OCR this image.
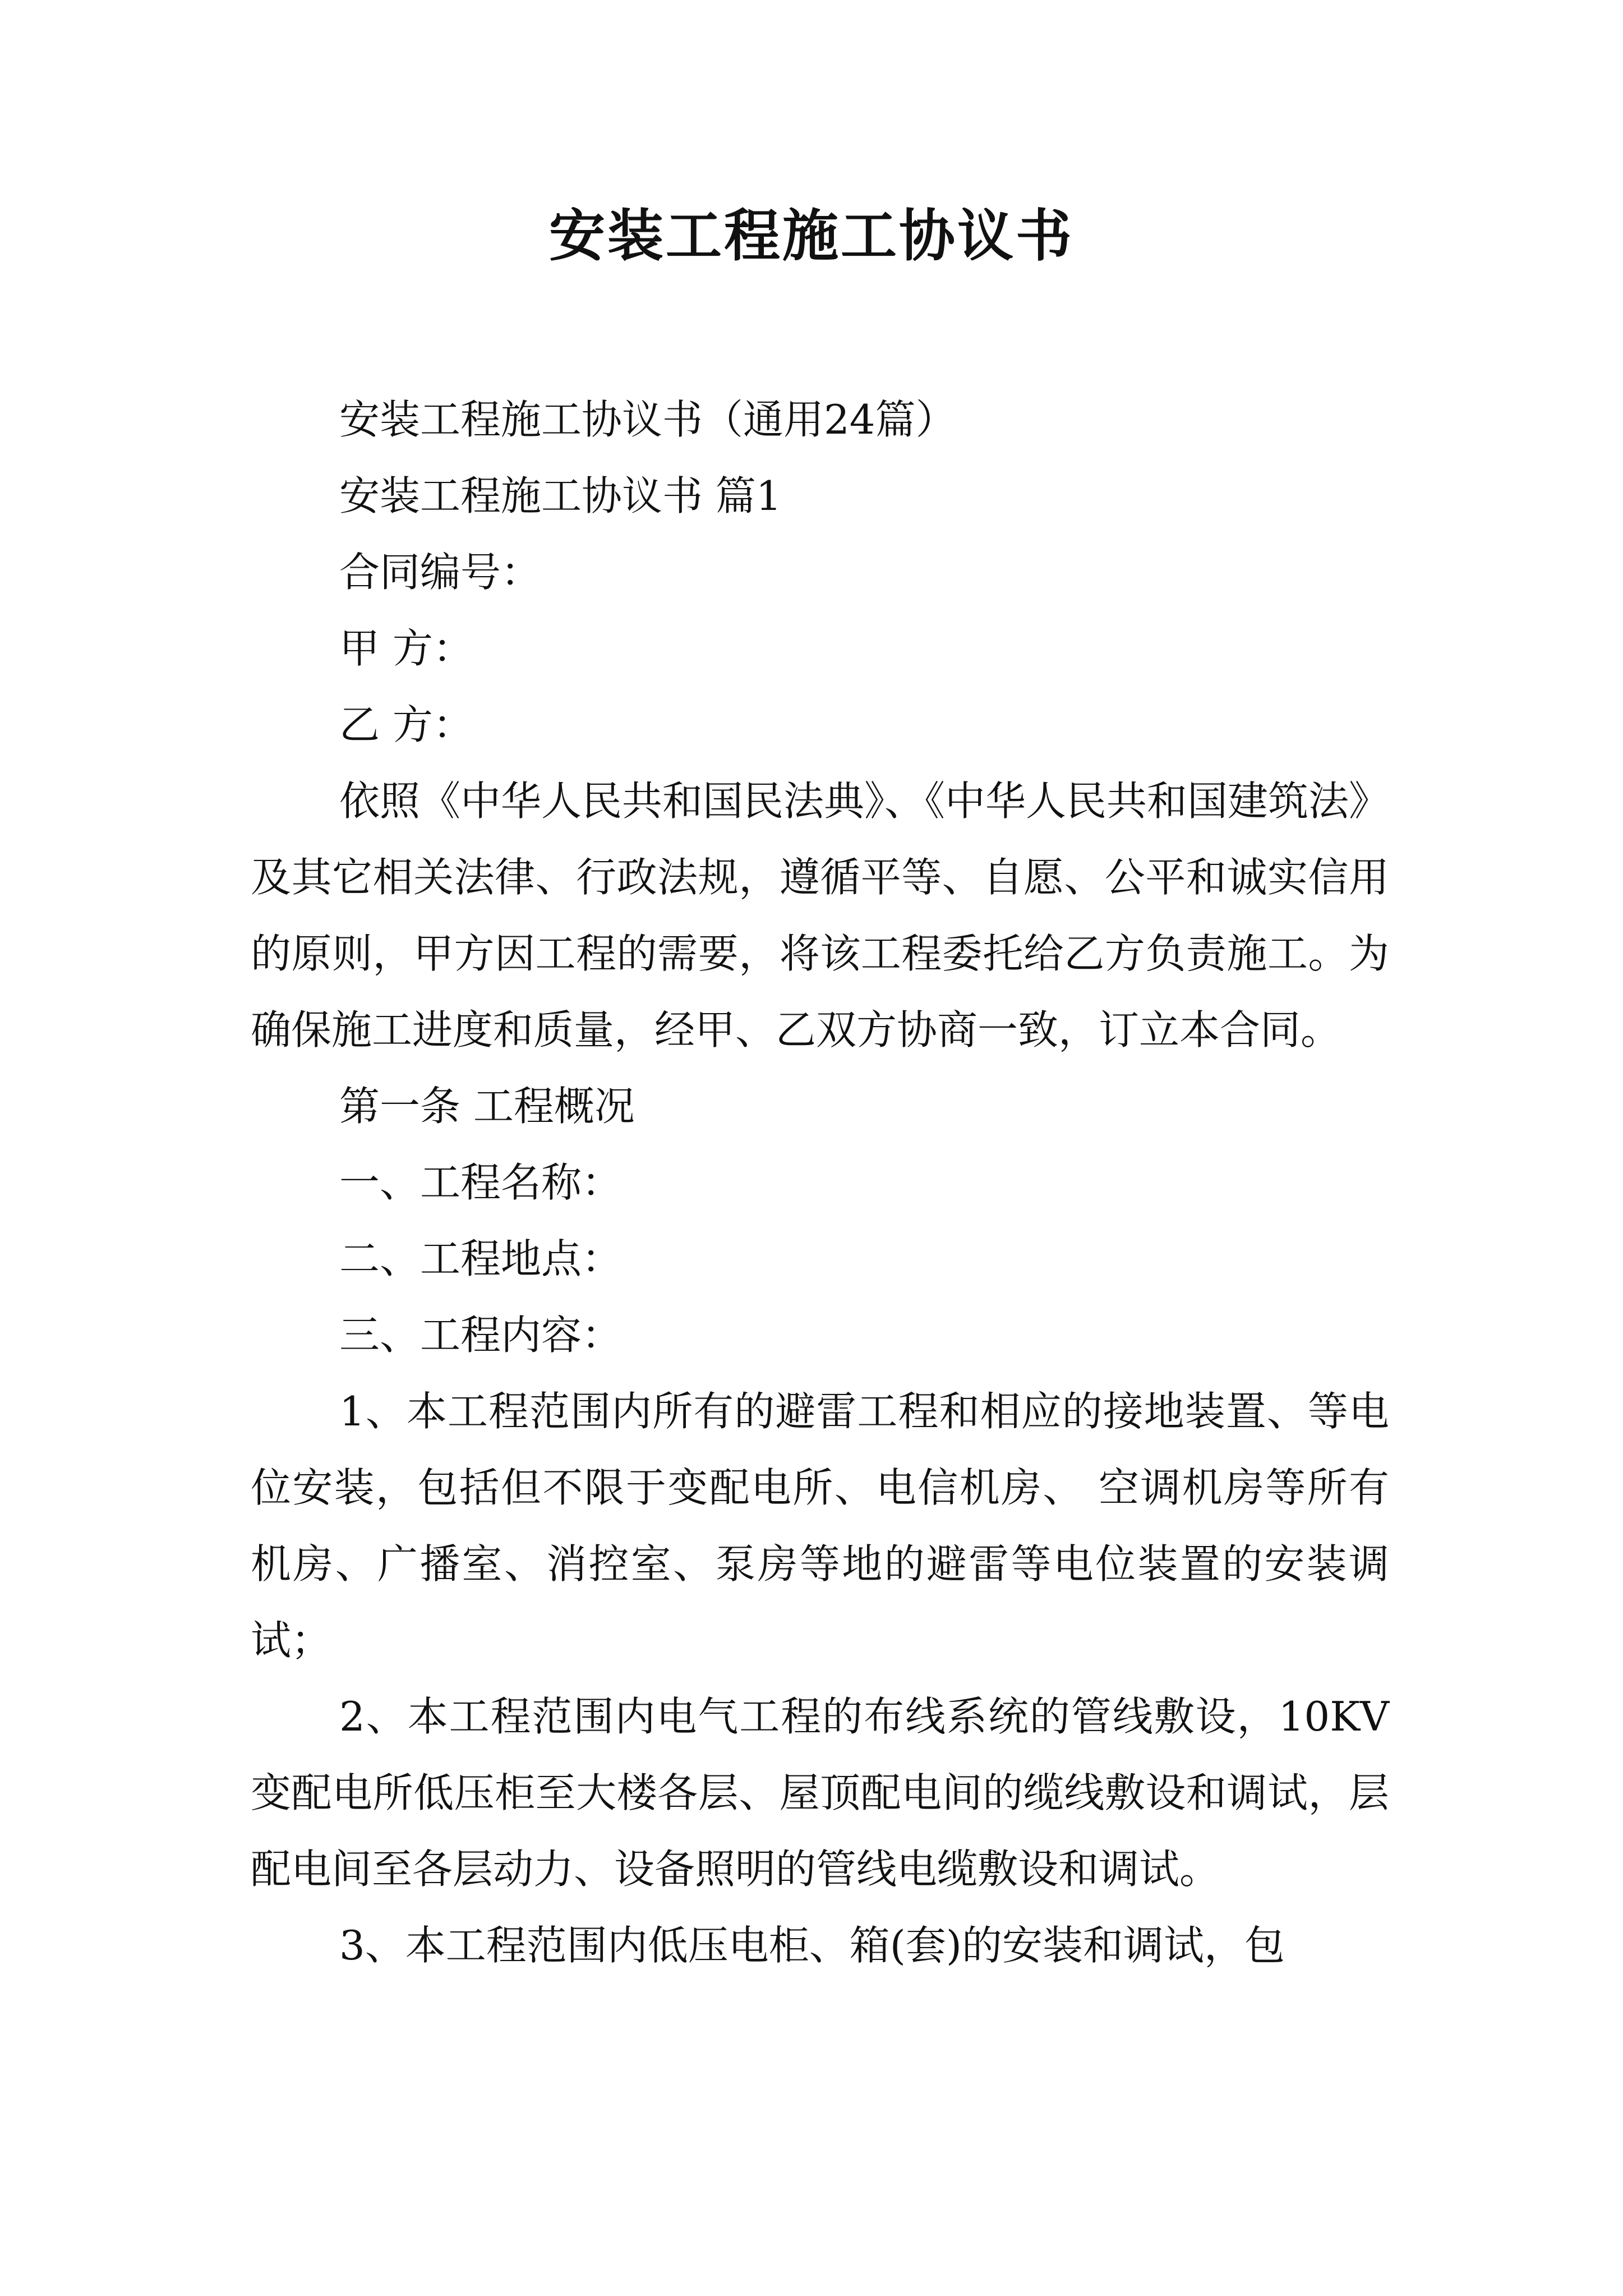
安装工程施工协议书
安装工程施工协议书（通用24篇）
安装工程施工协议书 篇1
合同编号：
甲 方：
乙 方：

依照《中华人民共和国民法典》、《中华人民共和国建筑法》及其它相关法律、行政法规，遵循平等、自愿、公平和诚实信用的原则，甲方因工程的需要，将该工程委托给乙方负责施工。为确保施工进度和质量，经甲、乙双方协商一致，订立本合同。

第一条 工程概况
一、工程名称：
二、工程地点：
三、工程内容：

1、本工程范围内所有的避雷工程和相应的接地装置、等电位安装，包括但不限于变配电所、电信机房、 空调机房等所有机房、广播室、消控室、泵房等地的避雷等电位装置的安装调试；

2、本工程范围内电气工程的布线系统的管线敷设，10KV变配电所低压柜至大楼各层、屋顶配电间的缆线敷设和调试，层配电间至各层动力、设备照明的管线电缆敷设和调试。

3、本工程范围内低压电柜、箱(套)的安装和调试，包
